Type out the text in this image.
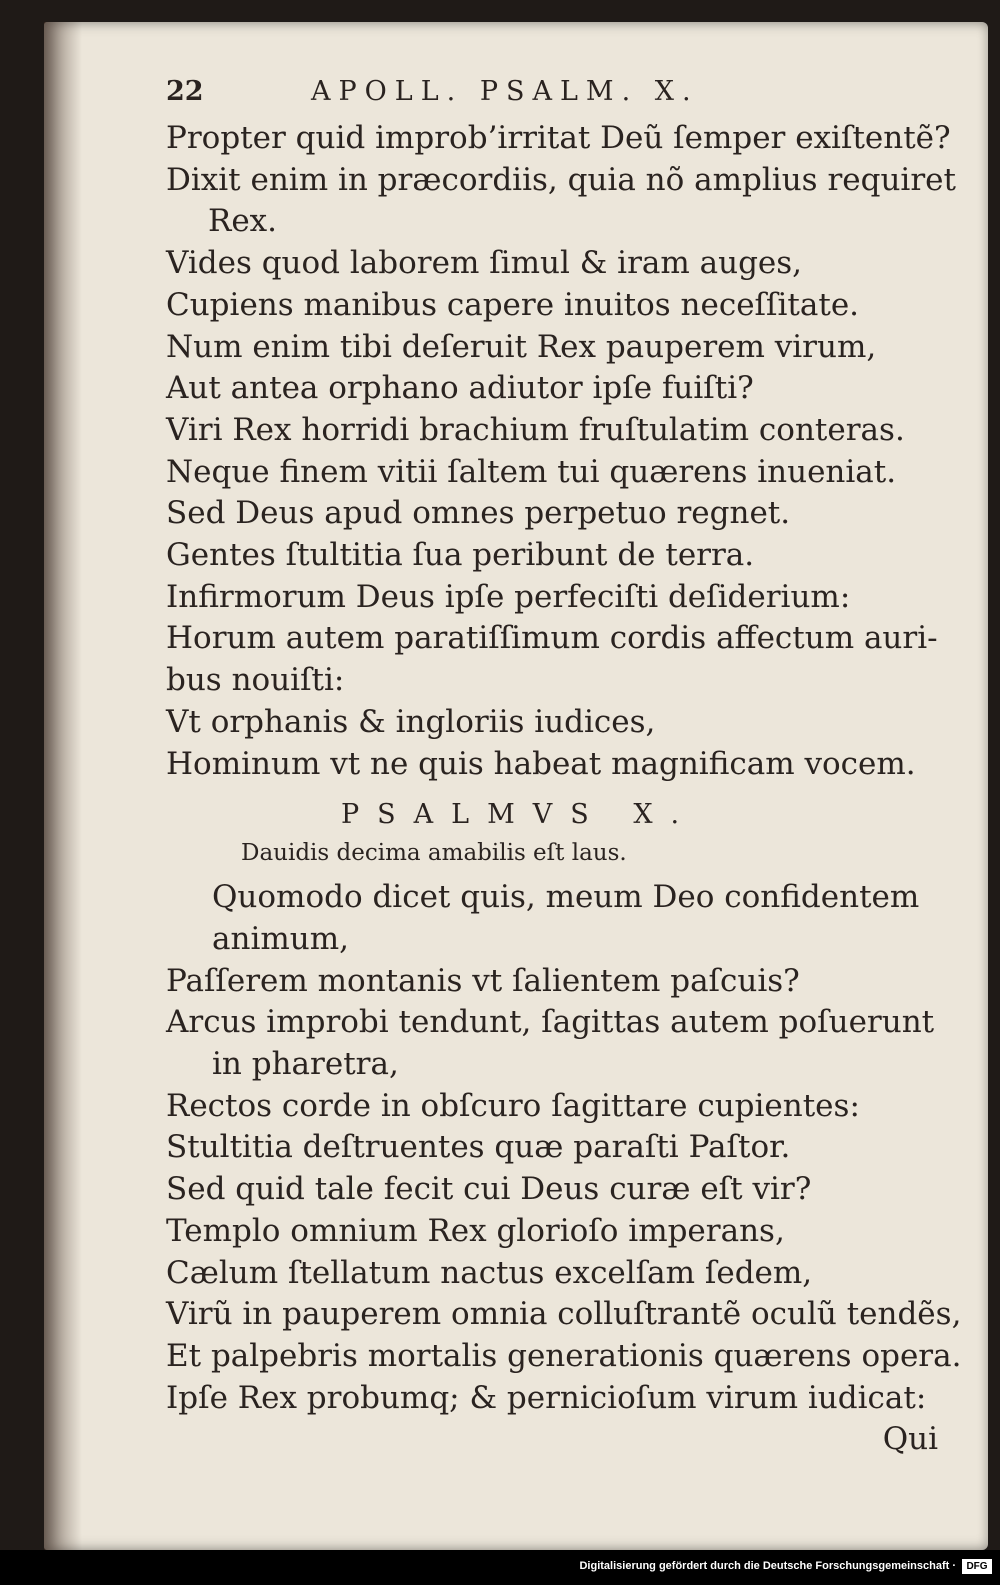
22	APOLL. PSALM. X.
Propter quid improb’irritat Deũ ſemper exiſtentẽ?
Dixit enim in præcordiis, quia nõ amplius requiret
Rex.
Vides quod laborem ſimul & iram auges,
Cupiens manibus capere inuitos neceſſitate.
Num enim tibi deſeruit Rex pauperem virum,
Aut antea orphano adiutor ipſe fuiſti?
Viri Rex horridi brachium fruſtulatim conteras.
Neque finem vitii ſaltem tui quærens inueniat.
Sed Deus apud omnes perpetuo regnet.
Gentes ſtultitia ſua peribunt de terra.
Infirmorum Deus ipſe perfeciſti deſiderium:
Horum autem paratiſſimum cordis affectum auri-
bus nouiſti:
Vt orphanis & ingloriis iudices,
Hominum vt ne quis habeat magnificam vocem.
PSALMVS X.
Dauidis decima amabilis eſt laus.
Quomodo dicet quis, meum Deo confidentem
animum,
Paſſerem montanis vt ſalientem paſcuis?
Arcus improbi tendunt, ſagittas autem poſuerunt
in pharetra,
Rectos corde in obſcuro ſagittare cupientes:
Stultitia deſtruentes quæ paraſti Paſtor.
Sed quid tale fecit cui Deus curæ eſt vir?
Templo omnium Rex glorioſo imperans,
Cælum ſtellatum nactus excelſam ſedem,
Virũ in pauperem omnia colluſtrantẽ oculũ tendẽs,
Et palpebris mortalis generationis quærens opera.
Ipſe Rex probumq; & pernicioſum virum iudicat:
Qui
Digitalisierung gefördert durch die Deutsche Forschungsgemeinschaft ·	DFG
